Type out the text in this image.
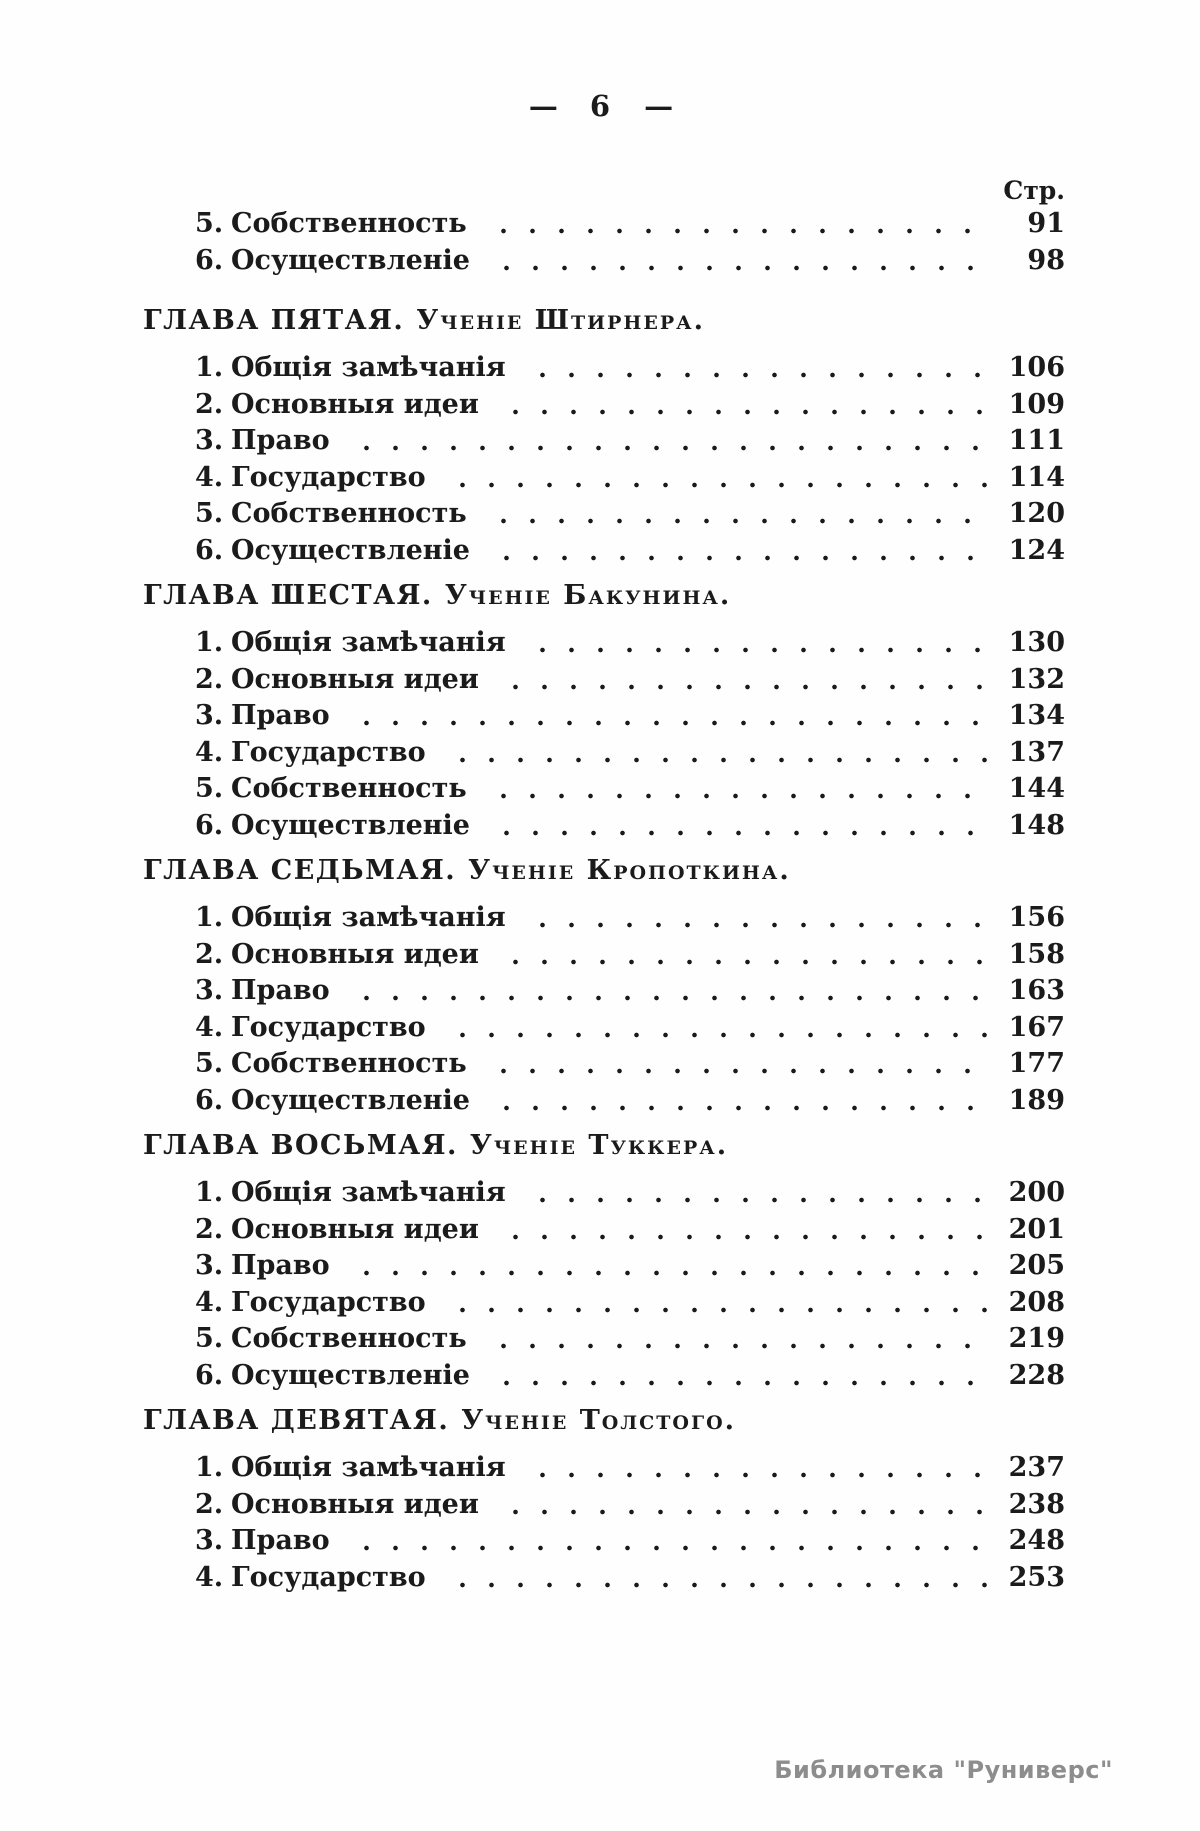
— 6 —
Стр.
5. Собственность	91
6. Осуществленіе	98
ГЛАВА ПЯТАЯ. Ученіе Штирнера.
1. Общія замѣчанія	106
2. Основныя идеи	109
3. Право	111
4. Государство	114
5. Собственность	120
6. Осуществленіе	124
ГЛАВА ШЕСТАЯ. Ученіе Бакунина.
1. Общія замѣчанія	130
2. Основныя идеи	132
3. Право	134
4. Государство	137
5. Собственность	144
6. Осуществленіе	148
ГЛАВА СЕДЬМАЯ. Ученіе Кропоткина.
1. Общія замѣчанія	156
2. Основныя идеи	158
3. Право	163
4. Государство	167
5. Собственность	177
6. Осуществленіе	189
ГЛАВА ВОСЬМАЯ. Ученіе Туккера.
1. Общія замѣчанія	200
2. Основныя идеи	201
3. Право	205
4. Государство	208
5. Собственность	219
6. Осуществленіе	228
ГЛАВА ДЕВЯТАЯ. Ученіе Толстого.
1. Общія замѣчанія	237
2. Основныя идеи	238
3. Право	248
4. Государство	253
Библиотека "Руниверс"
